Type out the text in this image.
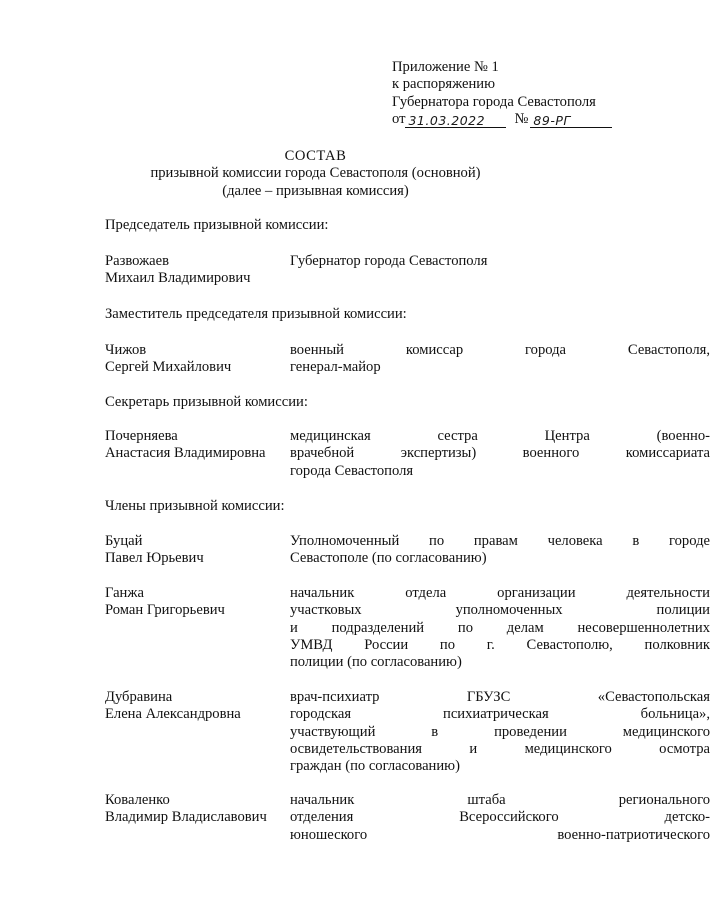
Приложение № 1
к распоряжению
Губернатора города Севастополя
от 31.03.2022	№ 89-РГ
СОСТАВ
призывной комиссии города Севастополя (основной)
(далее – призывная комиссия)
Председатель призывной комиссии:
Развожаев
Михаил Владимирович
Губернатор города Севастополя
Заместитель председателя призывной комиссии:
Чижов
Сергей Михайлович
военный комиссар города Севастополя,
генерал-майор
Секретарь призывной комиссии:
Почерняева
Анастасия Владимировна
медицинская сестра Центра (военно-
врачебной экспертизы) военного комиссариата
города Севастополя
Члены призывной комиссии:
Буцай
Павел Юрьевич
Уполномоченный по правам человека в городе
Севастополе (по согласованию)
Ганжа
Роман Григорьевич
начальник отдела организации деятельности
участковых уполномоченных полиции
и подразделений по делам несовершеннолетних
УМВД России по г. Севастополю, полковник
полиции (по согласованию)
Дубравина
Елена Александровна
врач-психиатр ГБУЗС «Севастопольская
городская психиатрическая больница»,
участвующий в проведении медицинского
освидетельствования и медицинского осмотра
граждан (по согласованию)
Коваленко
Владимир Владиславович
начальник штаба регионального
отделения Всероссийского детско-
юношеского военно-патриотического
